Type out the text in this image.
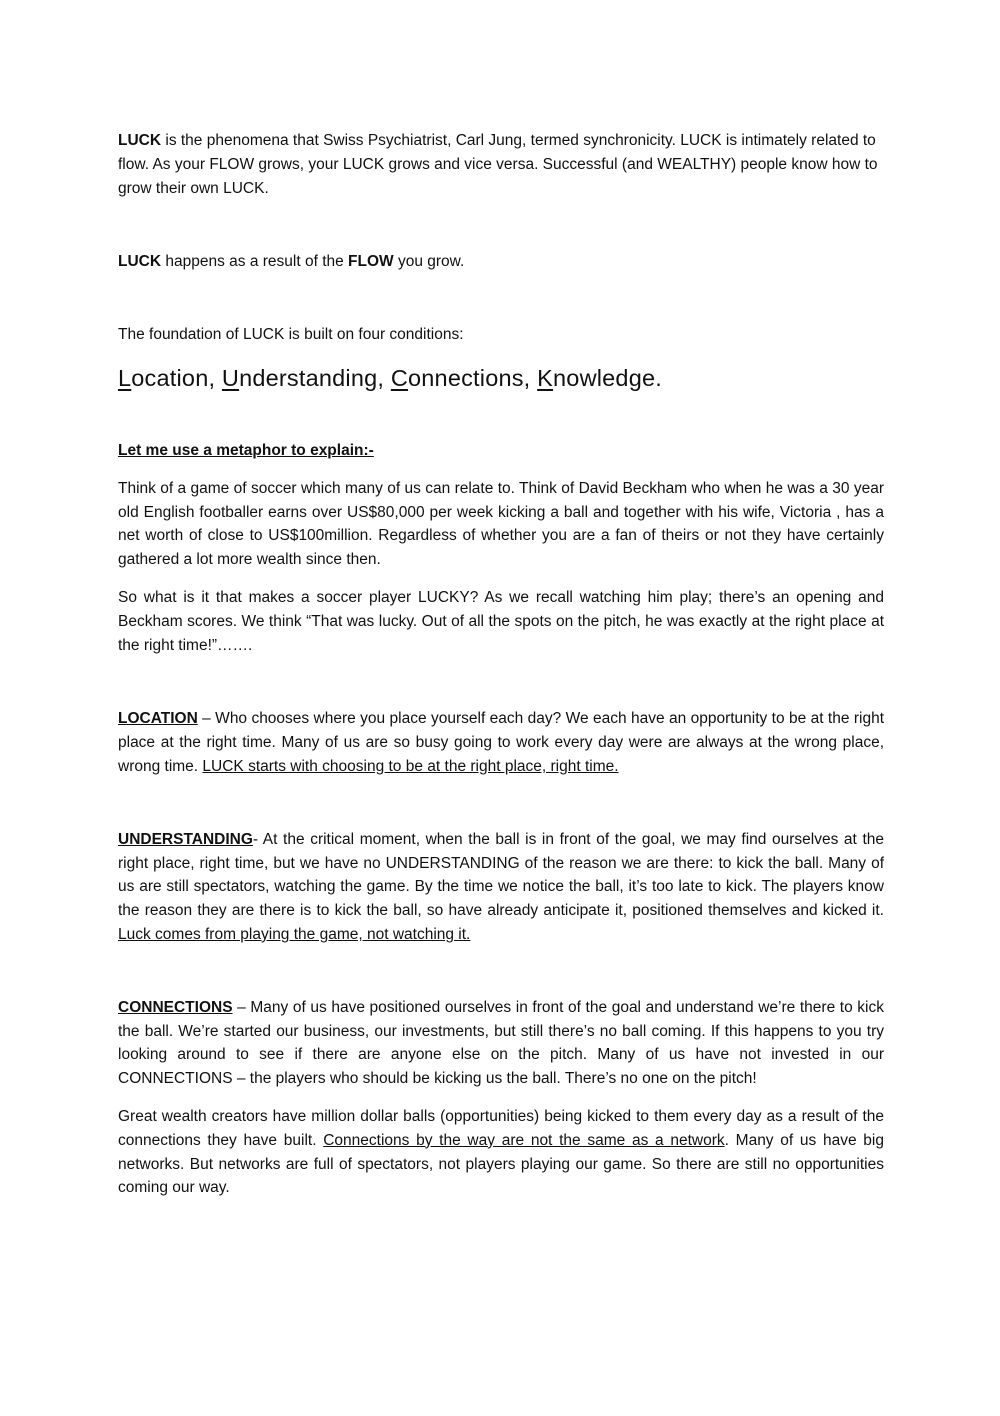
LUCK is the phenomena that Swiss Psychiatrist, Carl Jung, termed synchronicity. LUCK is intimately related to flow. As your FLOW grows, your LUCK grows and vice versa. Successful (and WEALTHY) people know how to grow their own LUCK.

LUCK happens as a result of the FLOW you grow.

The foundation of LUCK is built on four conditions:

Location, Understanding, Connections, Knowledge.

Let me use a metaphor to explain:-

Think of a game of soccer which many of us can relate to. Think of David Beckham who when he was a 30 year old English footballer earns over US$80,000 per week kicking a ball and together with his wife, Victoria , has a net worth of close to US$100million. Regardless of whether you are a fan of theirs or not they have certainly gathered a lot more wealth since then.

So what is it that makes a soccer player LUCKY? As we recall watching him play; there’s an opening and Beckham scores. We think “That was lucky. Out of all the spots on the pitch, he was exactly at the right place at the right time!”…….

LOCATION – Who chooses where you place yourself each day? We each have an opportunity to be at the right place at the right time. Many of us are so busy going to work every day were are always at the wrong place, wrong time. LUCK starts with choosing to be at the right place, right time.

UNDERSTANDING- At the critical moment, when the ball is in front of the goal, we may find ourselves at the right place, right time, but we have no UNDERSTANDING of the reason we are there: to kick the ball. Many of us are still spectators, watching the game. By the time we notice the ball, it’s too late to kick. The players know the reason they are there is to kick the ball, so have already anticipate it, positioned themselves and kicked it. Luck comes from playing the game, not watching it.

CONNECTIONS – Many of us have positioned ourselves in front of the goal and understand we’re there to kick the ball. We’re started our business, our investments, but still there’s no ball coming. If this happens to you try looking around to see if there are anyone else on the pitch. Many of us have not invested in our CONNECTIONS – the players who should be kicking us the ball. There’s no one on the pitch!

Great wealth creators have million dollar balls (opportunities) being kicked to them every day as a result of the connections they have built. Connections by the way are not the same as a network. Many of us have big networks. But networks are full of spectators, not players playing our game. So there are still no opportunities coming our way.
